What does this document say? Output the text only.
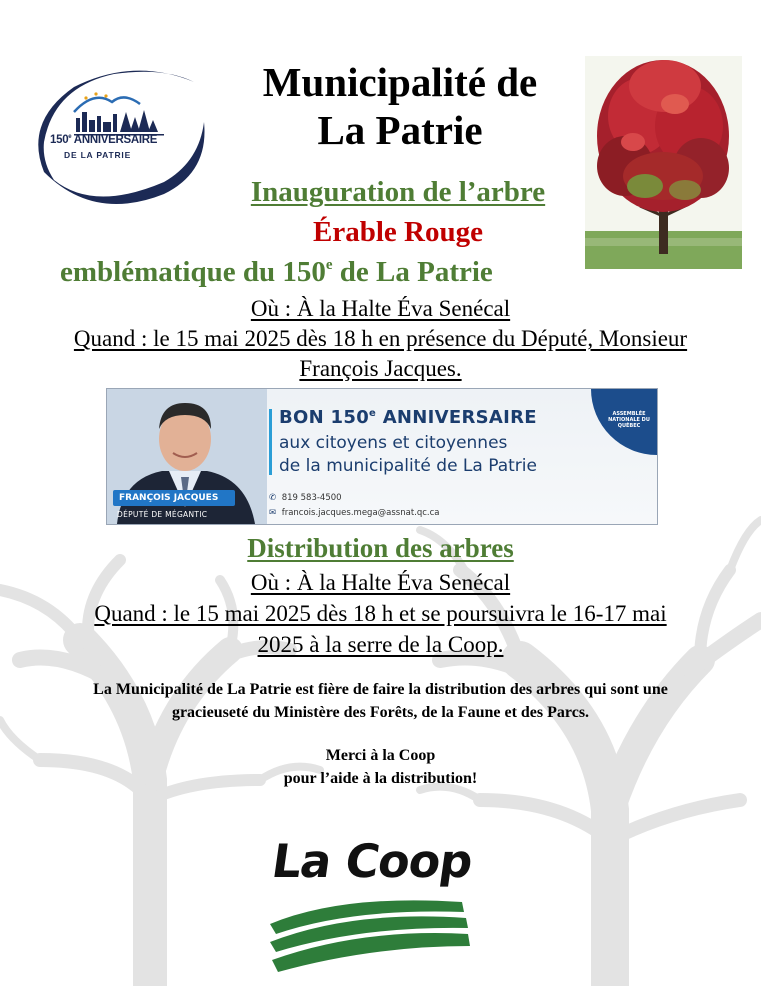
150e ANNIVERSAIRE
DE LA PATRIE
Municipalité de
La Patrie
Inauguration de l’arbre
Érable Rouge
emblématique du 150e de La Patrie
Où : À la Halte Éva Senécal
Quand : le 15 mai 2025 dès 18 h en présence du Député, Monsieur
François Jacques.
FRANÇOIS JACQUES
DÉPUTÉ DE MÉGANTIC
BON 150e ANNIVERSAIRE
aux citoyens et citoyennes
de la municipalité de La Patrie
✆ 819 583-4500
✉ francois.jacques.mega@assnat.qc.ca
ASSEMBLÉE NATIONALE DU QUÉBEC
Distribution des arbres
Où : À la Halte Éva Senécal
Quand : le 15 mai 2025 dès 18 h et se poursuivra le 16-17 mai
2025 à la serre de la Coop.
La Municipalité de La Patrie est fière de faire la distribution des arbres qui sont une
gracieuseté du Ministère des Forêts, de la Faune et des Parcs.
Merci à la Coop
pour l’aide à la distribution!
La Coop
